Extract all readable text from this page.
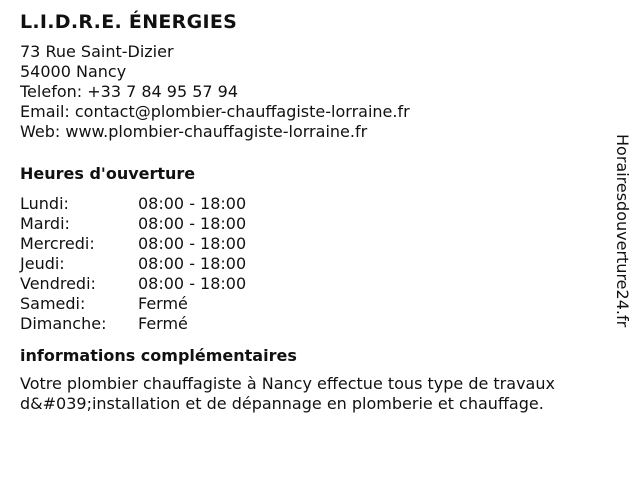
L.I.D.R.E. ÉNERGIES
73 Rue Saint-Dizier
54000 Nancy
Telefon: +33 7 84 95 57 94
Email: contact@plombier-chauffagiste-lorraine.fr
Web: www.plombier-chauffagiste-lorraine.fr
Heures d'ouverture
Lundi:	08:00 - 18:00
Mardi:	08:00 - 18:00
Mercredi:	08:00 - 18:00
Jeudi:	08:00 - 18:00
Vendredi:	08:00 - 18:00
Samedi:	Fermé
Dimanche:	Fermé
informations complémentaires
Votre plombier chauffagiste à Nancy effectue tous type de travaux d&#039;installation et de dépannage en plomberie et chauffage.
Horairesdouverture24.fr
